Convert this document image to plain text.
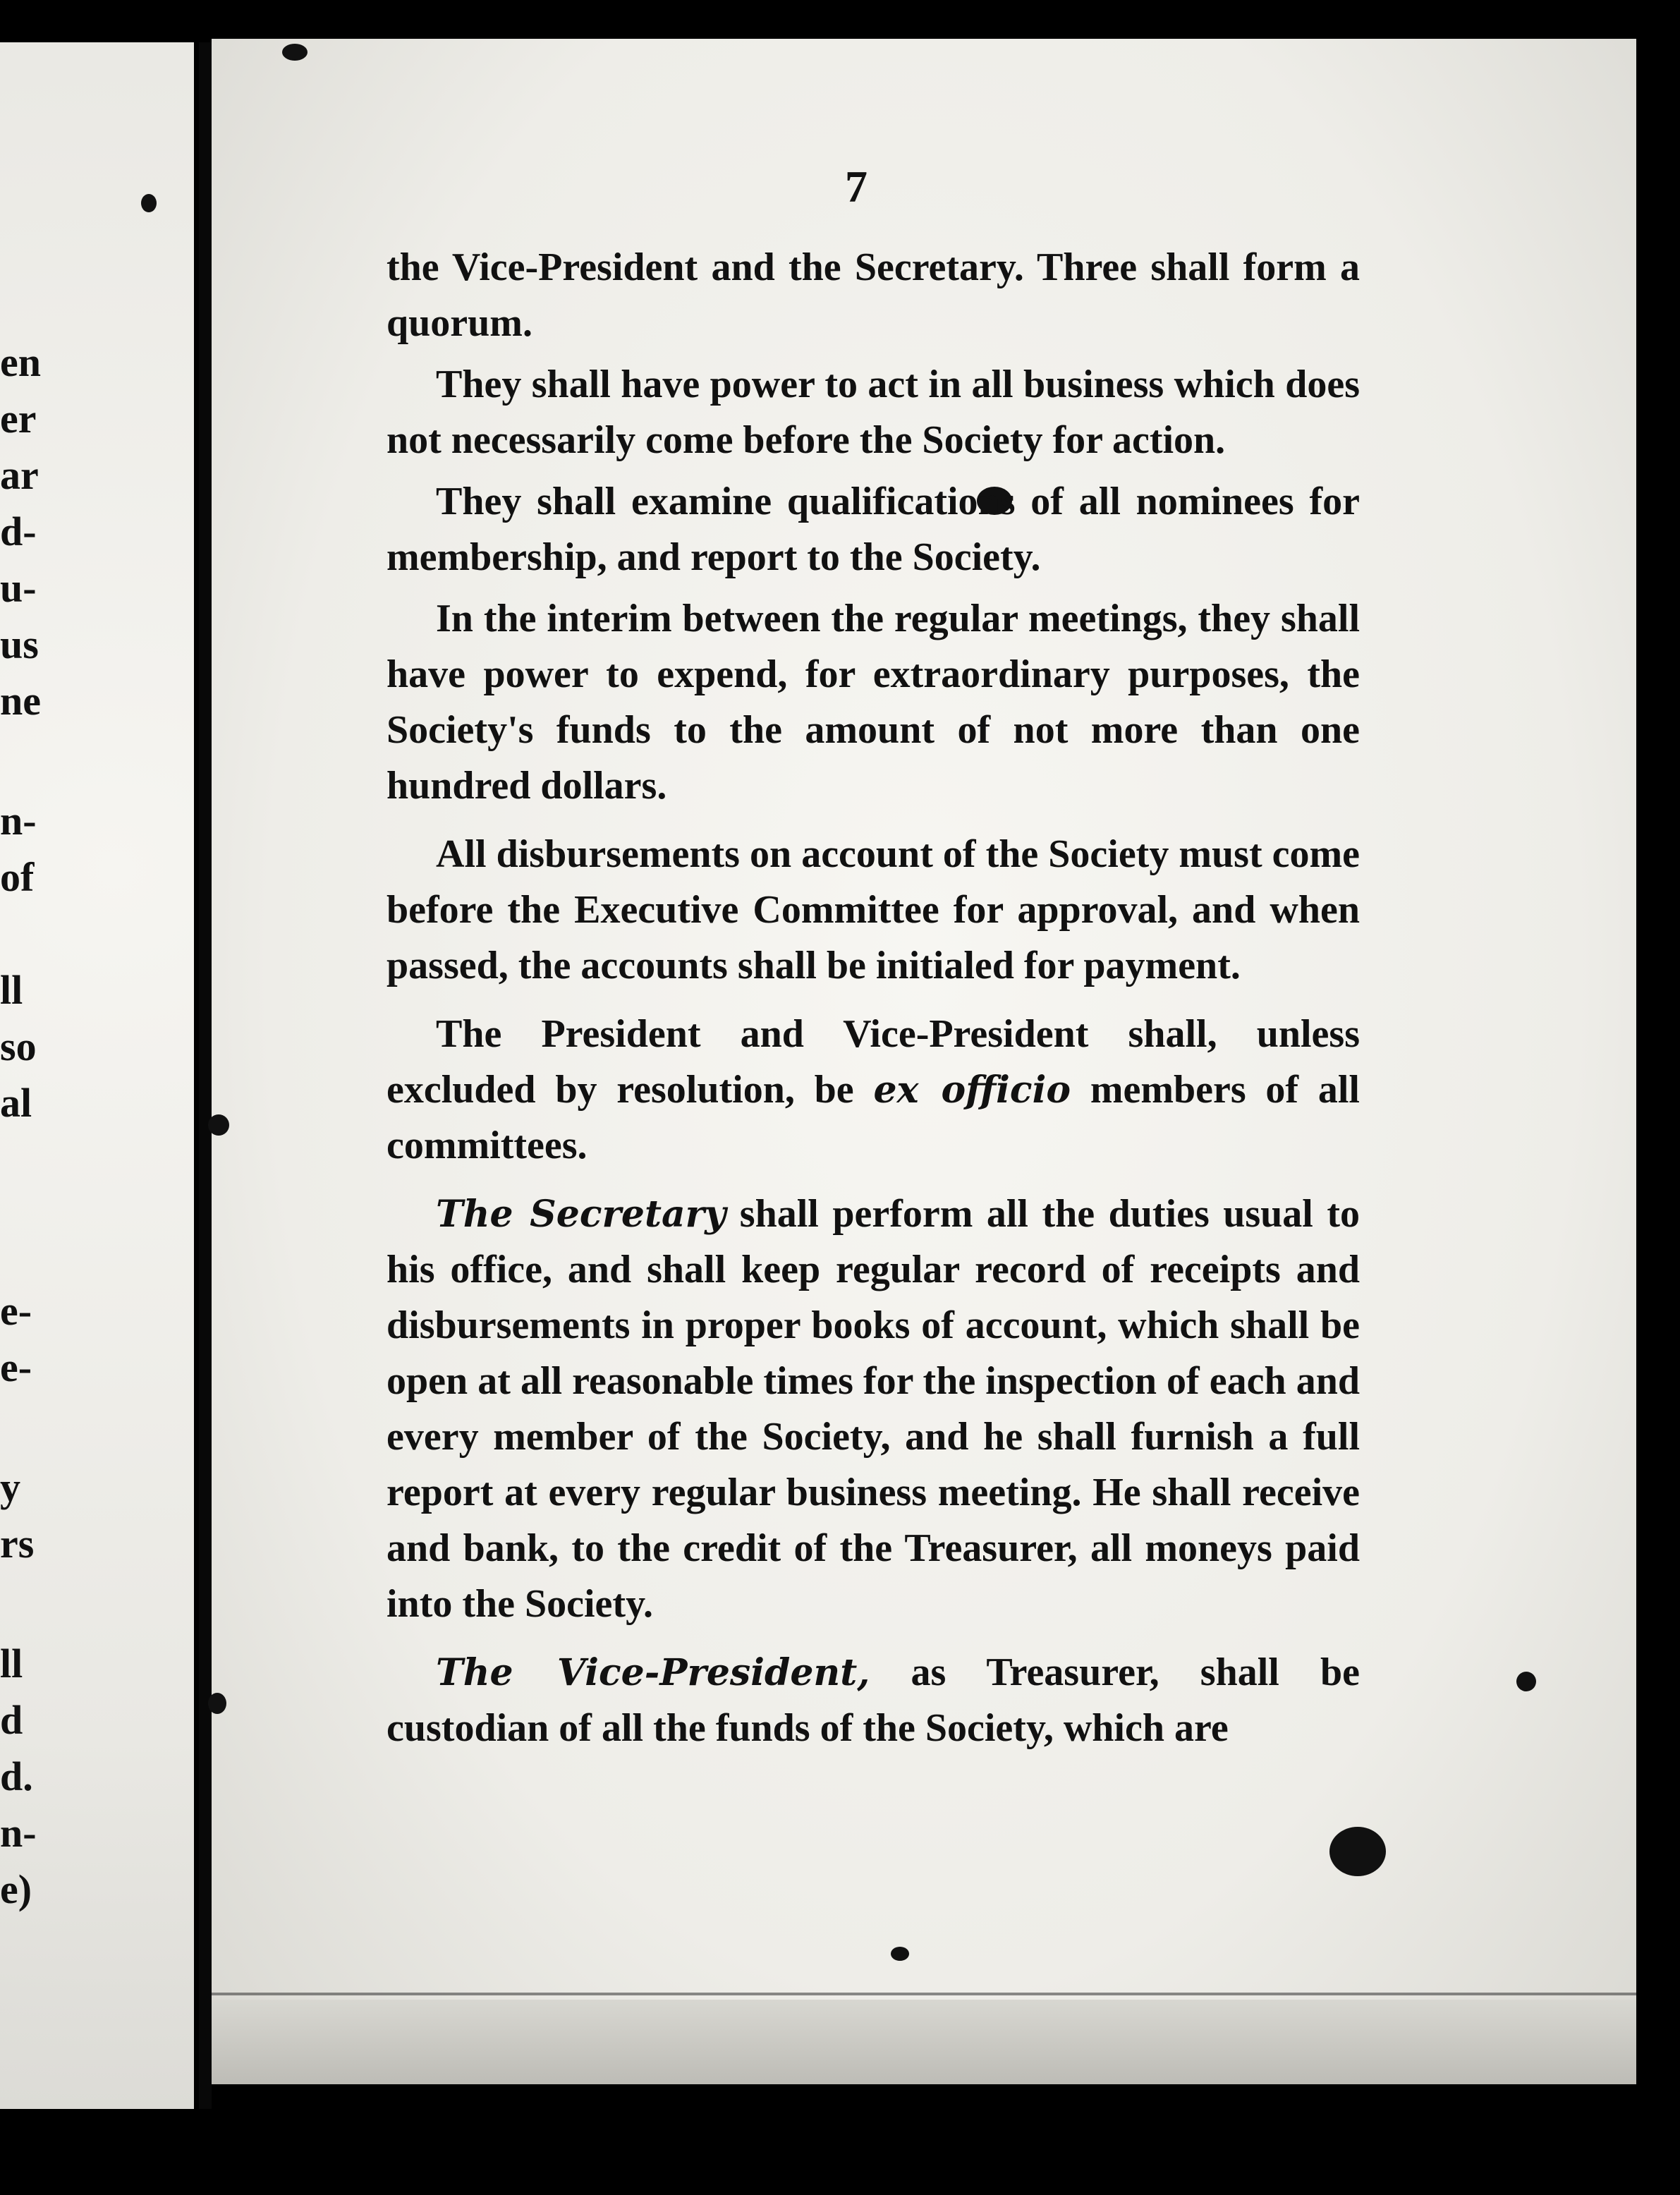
en
er
ar
d-
u-
us
ne
n-
of
ll
so
al
e-
e-
y
rs
ll
d
d.
n-
e)
7

the Vice-President and the Secretary. Three shall form a quorum.

They shall have power to act in all business which does not necessarily come before the Society for action.

They shall examine qualifications of all nominees for membership, and report to the Society.

In the interim between the regular meetings, they shall have power to expend, for extraordinary purposes, the Society's funds to the amount of not more than one hundred dollars.

All disbursements on account of the Society must come before the Executive Committee for approval, and when passed, the accounts shall be initialed for payment.

The President and Vice-President shall, unless excluded by resolution, be ex officio members of all committees.

The Secretary shall perform all the duties usual to his office, and shall keep regular record of receipts and disbursements in proper books of account, which shall be open at all reasonable times for the inspection of each and every member of the Society, and he shall furnish a full report at every regular business meeting. He shall receive and bank, to the credit of the Treasurer, all moneys paid into the Society.

The Vice-President, as Treasurer, shall be custodian of all the funds of the Society, which are
